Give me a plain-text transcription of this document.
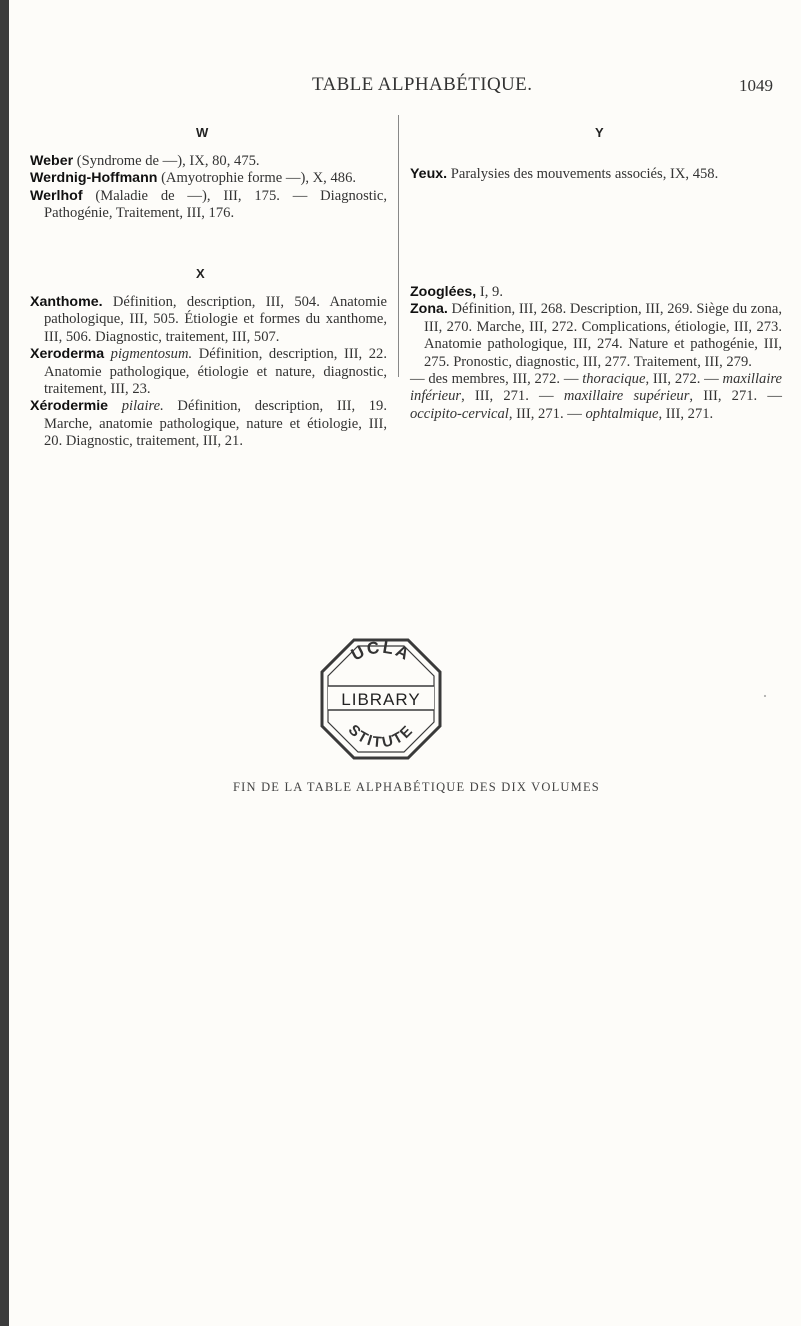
TABLE ALPHABÉTIQUE.	1049
W

Weber (Syndrome de —), IX, 80, 475.

Werdnig-Hoffmann (Amyotrophie forme —), X, 486.

Werlhof (Maladie de —), III, 175. — Diagnostic, Pathogénie, Traitement, III, 176.

X

Xanthome. Définition, description, III, 504. Anatomie pathologique, III, 505. Étiologie et formes du xanthome, III, 506. Diagnostic, traitement, III, 507.

Xeroderma pigmentosum. Définition, description, III, 22. Anatomie pathologique, étiologie et nature, diagnostic, traitement, III, 23.

Xérodermie pilaire. Définition, description, III, 19. Marche, anatomie pathologique, nature et étiologie, III, 20. Diagnostic, traitement, III, 21.

Y

Yeux. Paralysies des mouvements associés, IX, 458.

Zooglées, I, 9.

Zona. Définition, III, 268. Description, III, 269. Siège du zona, III, 270. Marche, III, 272. Complications, étiologie, III, 273. Anatomie pathologique, III, 274. Nature et pathogénie, III, 275. Pronostic, diagnostic, III, 277. Traitement, III, 279.

— des membres, III, 272. — thoracique, III, 272. — maxillaire inférieur, III, 271. — maxillaire supérieur, III, 271. — occipito-cervical, III, 271. — ophtalmique, III, 271.

UCLA
LIBRARY
STITUTE
FIN DE LA TABLE ALPHABÉTIQUE DES DIX VOLUMES
·
